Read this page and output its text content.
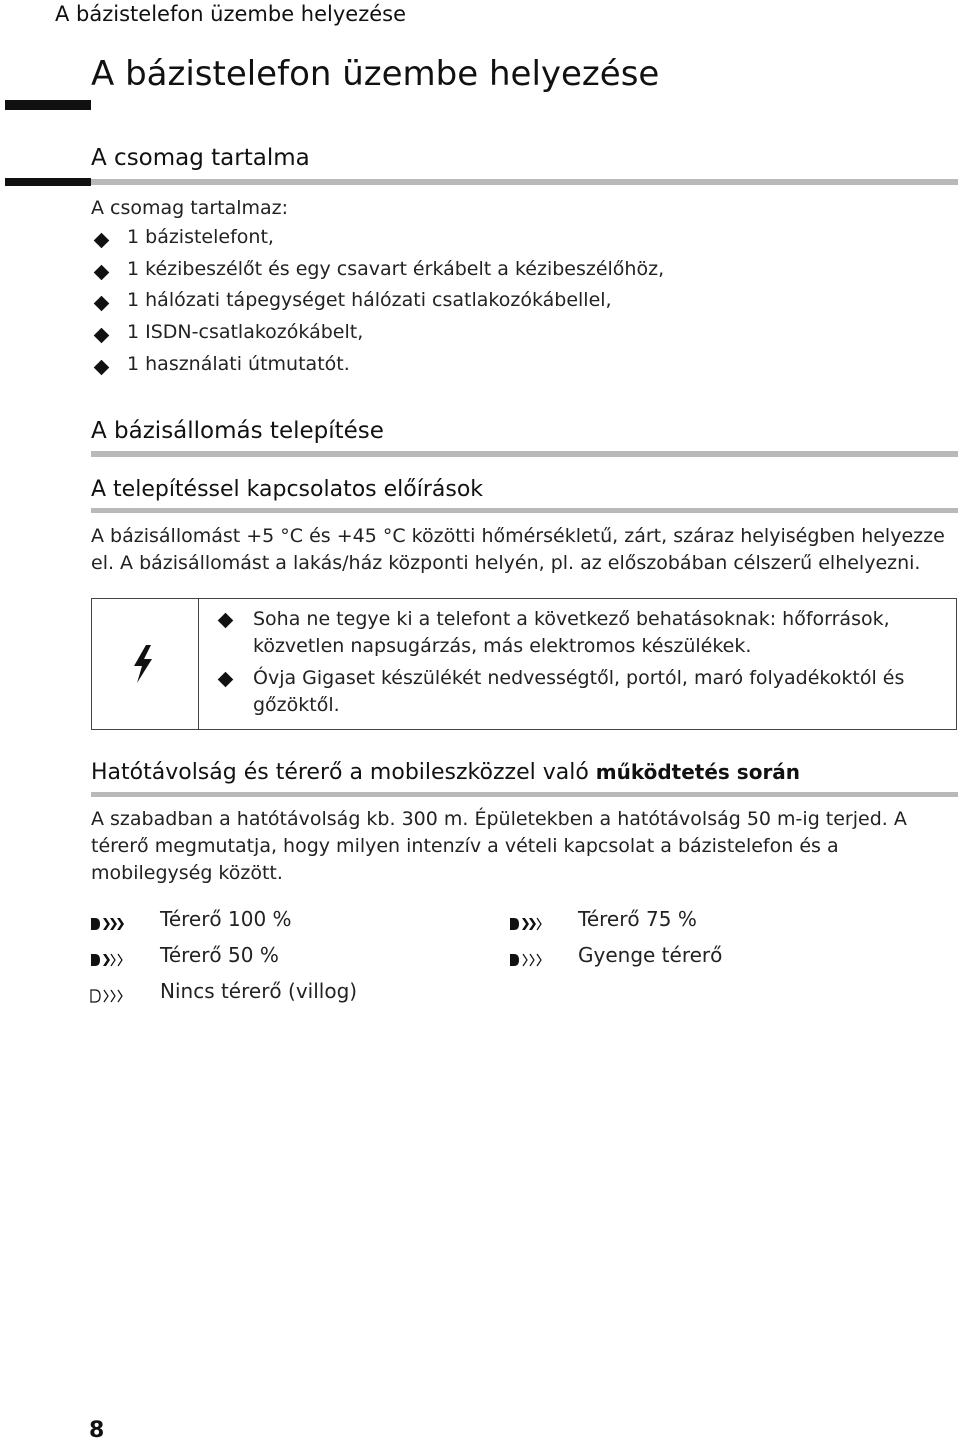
A bázistelefon üzembe helyezése
A bázistelefon üzembe helyezése
A csomag tartalma
A csomag tartalmaz:
1 bázistelefont,
1 kézibeszélőt és egy csavart érkábelt a kézibeszélőhöz,
1 hálózati tápegységet hálózati csatlakozókábellel,
1 ISDN-csatlakozókábelt,
1 használati útmutatót.
A bázisállomás telepítése
A telepítéssel kapcsolatos előírások
A bázisállomást +5 °C és +45 °C közötti hőmérsékletű, zárt, száraz helyiségben helyezze
el. A bázisállomást a lakás/ház központi helyén, pl. az előszobában célszerű elhelyezni.
Soha ne tegye ki a telefont a következő behatásoknak: hőforrások,
közvetlen napsugárzás, más elektromos készülékek.
Óvja Gigaset készülékét nedvességtől, portól, maró folyadékoktól és
gőzöktől.
Hatótávolság és térerő a mobileszközzel való működtetés során
A szabadban a hatótávolság kb. 300 m. Épületekben a hatótávolság 50 m-ig terjed. A
térerő megmutatja, hogy milyen intenzív a vételi kapcsolat a bázistelefon és a
mobilegység között.
Térerő 100 %	Térerő 75 %
Térerő 50 %	Gyenge térerő
Nincs térerő (villog)
8
